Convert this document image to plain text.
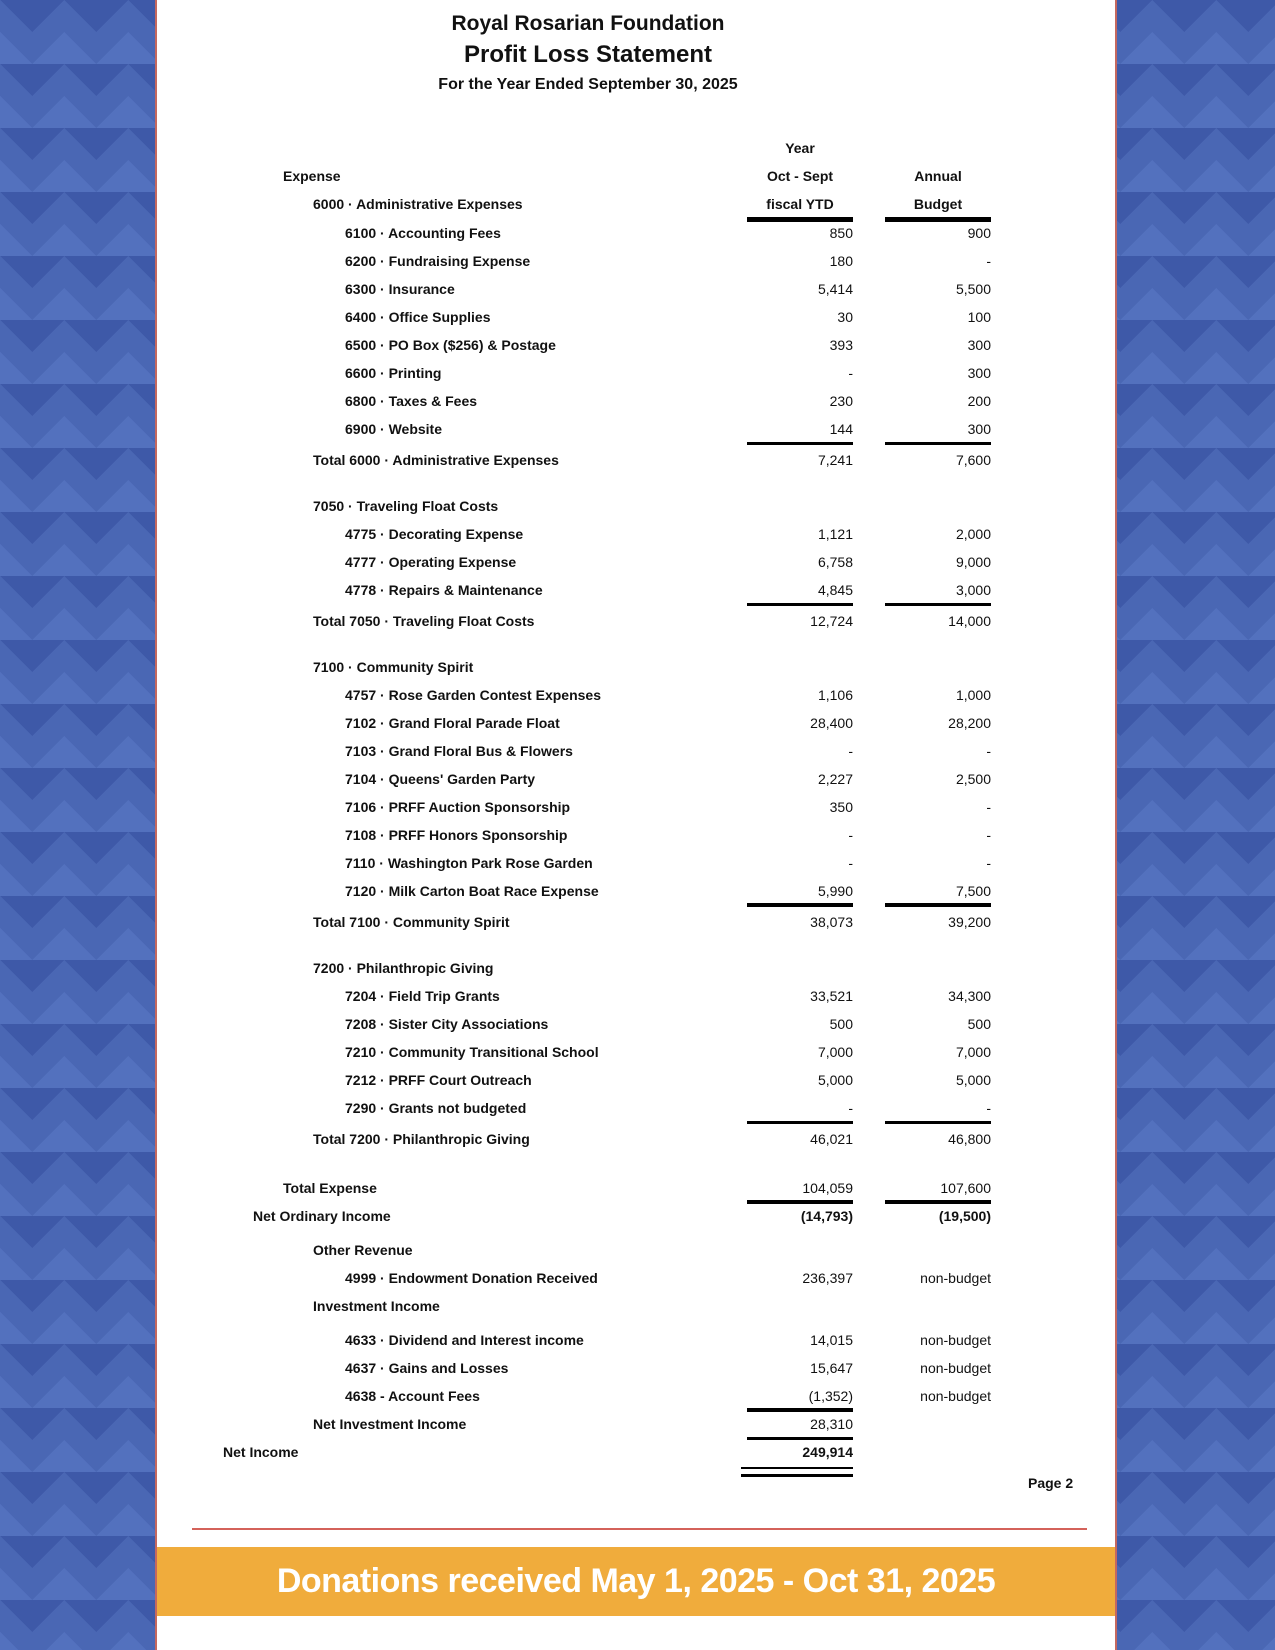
Royal Rosarian Foundation
Profit Loss Statement
For the Year Ended September 30, 2025
Year
Expense	Oct - Sept	Annual
6000 · Administrative Expenses	fiscal YTD	Budget
6100 · Accounting Fees	850	900
6200 · Fundraising Expense	180	-
6300 · Insurance	5,414	5,500
6400 · Office Supplies	30	100
6500 · PO Box ($256) & Postage	393	300
6600 · Printing	-	300
6800 · Taxes & Fees	230	200
6900 · Website	144	300
Total 6000 · Administrative Expenses	7,241	7,600
7050 · Traveling Float Costs
4775 · Decorating Expense	1,121	2,000
4777 · Operating Expense	6,758	9,000
4778 · Repairs & Maintenance	4,845	3,000
Total 7050 · Traveling Float Costs	12,724	14,000
7100 · Community Spirit
4757 · Rose Garden Contest Expenses	1,106	1,000
7102 · Grand Floral Parade Float	28,400	28,200
7103 · Grand Floral Bus & Flowers	-	-
7104 · Queens' Garden Party	2,227	2,500
7106 · PRFF Auction Sponsorship	350	-
7108 · PRFF Honors Sponsorship	-	-
7110 · Washington Park Rose Garden	-	-
7120 · Milk Carton Boat Race Expense	5,990	7,500
Total 7100 · Community Spirit	38,073	39,200
7200 · Philanthropic Giving
7204 · Field Trip Grants	33,521	34,300
7208 · Sister City Associations	500	500
7210 · Community Transitional School	7,000	7,000
7212 · PRFF Court Outreach	5,000	5,000
7290 · Grants not budgeted	-	-
Total 7200 · Philanthropic Giving	46,021	46,800
Total Expense	104,059	107,600
Net Ordinary Income	(14,793)	(19,500)
Other Revenue
4999 · Endowment Donation Received	236,397	non-budget
Investment Income
4633 · Dividend and Interest income	14,015	non-budget
4637 · Gains and Losses	15,647	non-budget
4638 - Account Fees	(1,352)	non-budget
Net Investment Income	28,310
Net Income	249,914
Page 2
Donations received May 1, 2025 - Oct 31, 2025
